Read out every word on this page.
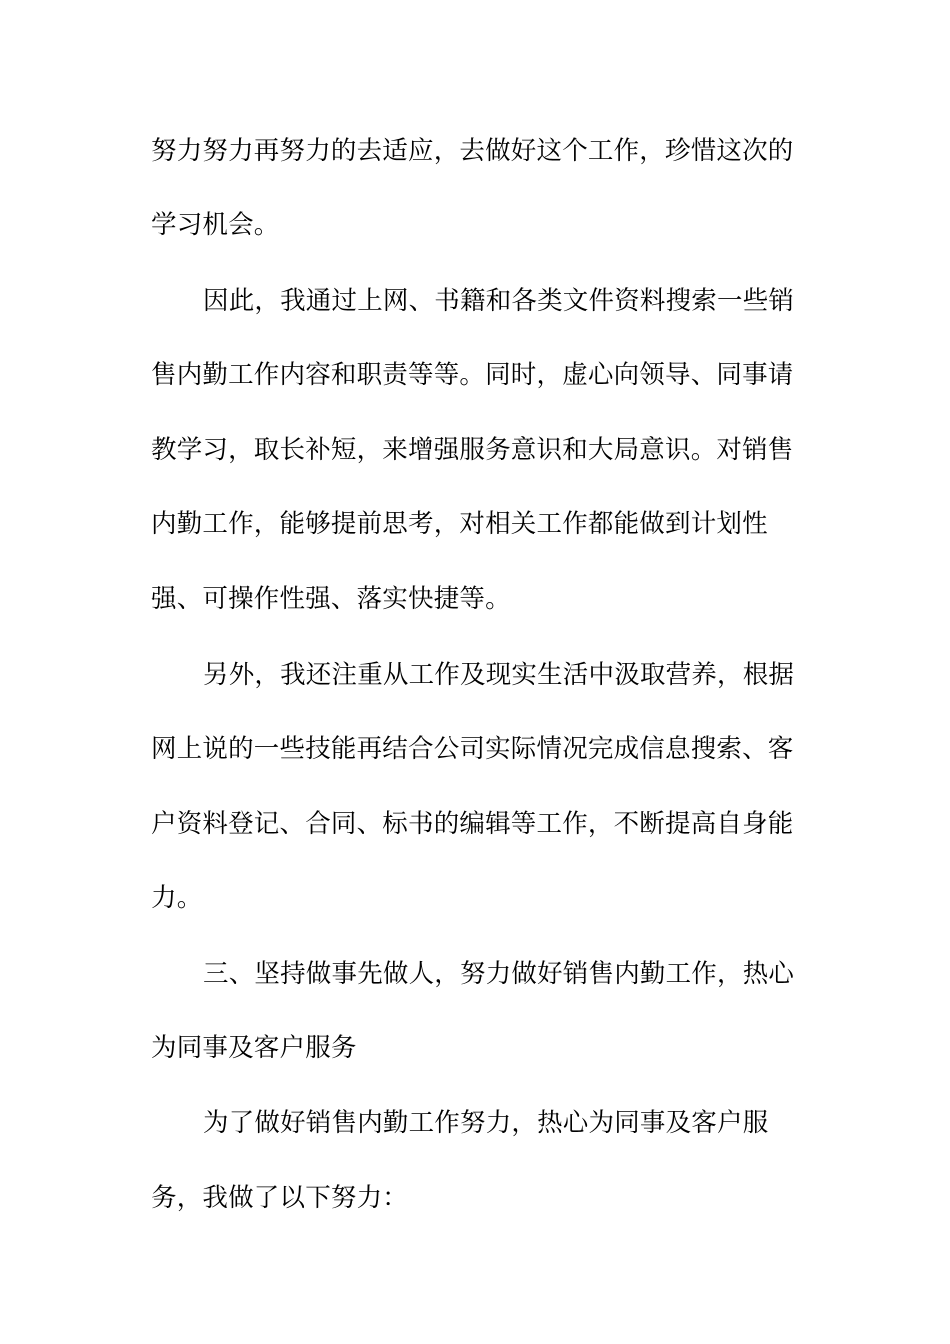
努力努力再努力的去适应，去做好这个工作，珍惜这次的
学习机会。
因此，我通过上网、书籍和各类文件资料搜索一些销
售内勤工作内容和职责等等。同时，虚心向领导、同事请
教学习，取长补短，来增强服务意识和大局意识。对销售
内勤工作，能够提前思考，对相关工作都能做到计划性
强、可操作性强、落实快捷等。
另外，我还注重从工作及现实生活中汲取营养，根据
网上说的一些技能再结合公司实际情况完成信息搜索、客
户资料登记、合同、标书的编辑等工作，不断提高自身能
力。
三、坚持做事先做人，努力做好销售内勤工作，热心
为同事及客户服务
为了做好销售内勤工作努力，热心为同事及客户服
务，我做了以下努力：
